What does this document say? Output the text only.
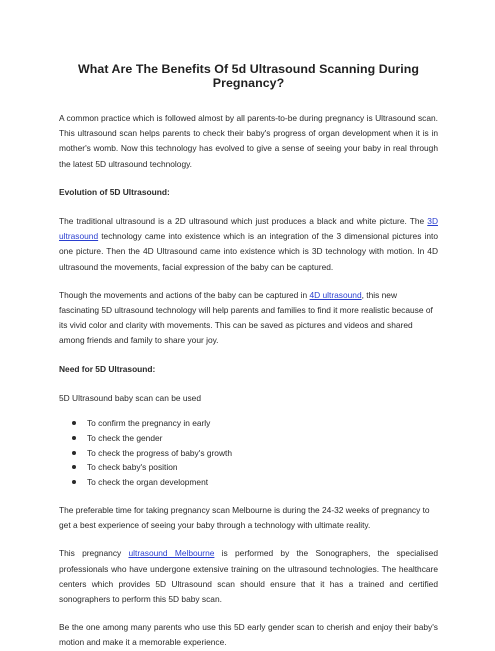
What Are The Benefits Of 5d Ultrasound Scanning During Pregnancy?

A common practice which is followed almost by all parents-to-be during pregnancy is Ultrasound scan. This ultrasound scan helps parents to check their baby's progress of organ development when it is in mother's womb. Now this technology has evolved to give a sense of seeing your baby in real through the latest 5D ultrasound technology.

Evolution of 5D Ultrasound:

The traditional ultrasound is a 2D ultrasound which just produces a black and white picture. The 3D ultrasound technology came into existence which is an integration of the 3 dimensional pictures into one picture. Then the 4D Ultrasound came into existence which is 3D technology with motion. In 4D ultrasound the movements, facial expression of the baby can be captured.

Though the movements and actions of the baby can be captured in 4D ultrasound, this new fascinating 5D ultrasound technology will help parents and families to find it more realistic because of its vivid color and clarity with movements. This can be saved as pictures and videos and shared among friends and family to share your joy.

Need for 5D Ultrasound:

5D Ultrasound baby scan can be used

To confirm the pregnancy in early
To check the gender
To check the progress of baby's growth
To check baby's position
To check the organ development

The preferable time for taking pregnancy scan Melbourne is during the 24-32 weeks of pregnancy to get a best experience of seeing your baby through a technology with ultimate reality.

This pregnancy ultrasound Melbourne is performed by the Sonographers, the specialised professionals who have undergone extensive training on the ultrasound technologies. The healthcare centers which provides 5D Ultrasound scan should ensure that it has a trained and certified sonographers to perform this 5D baby scan.

Be the one among many parents who use this 5D early gender scan to cherish and enjoy their baby's motion and make it a memorable experience.
